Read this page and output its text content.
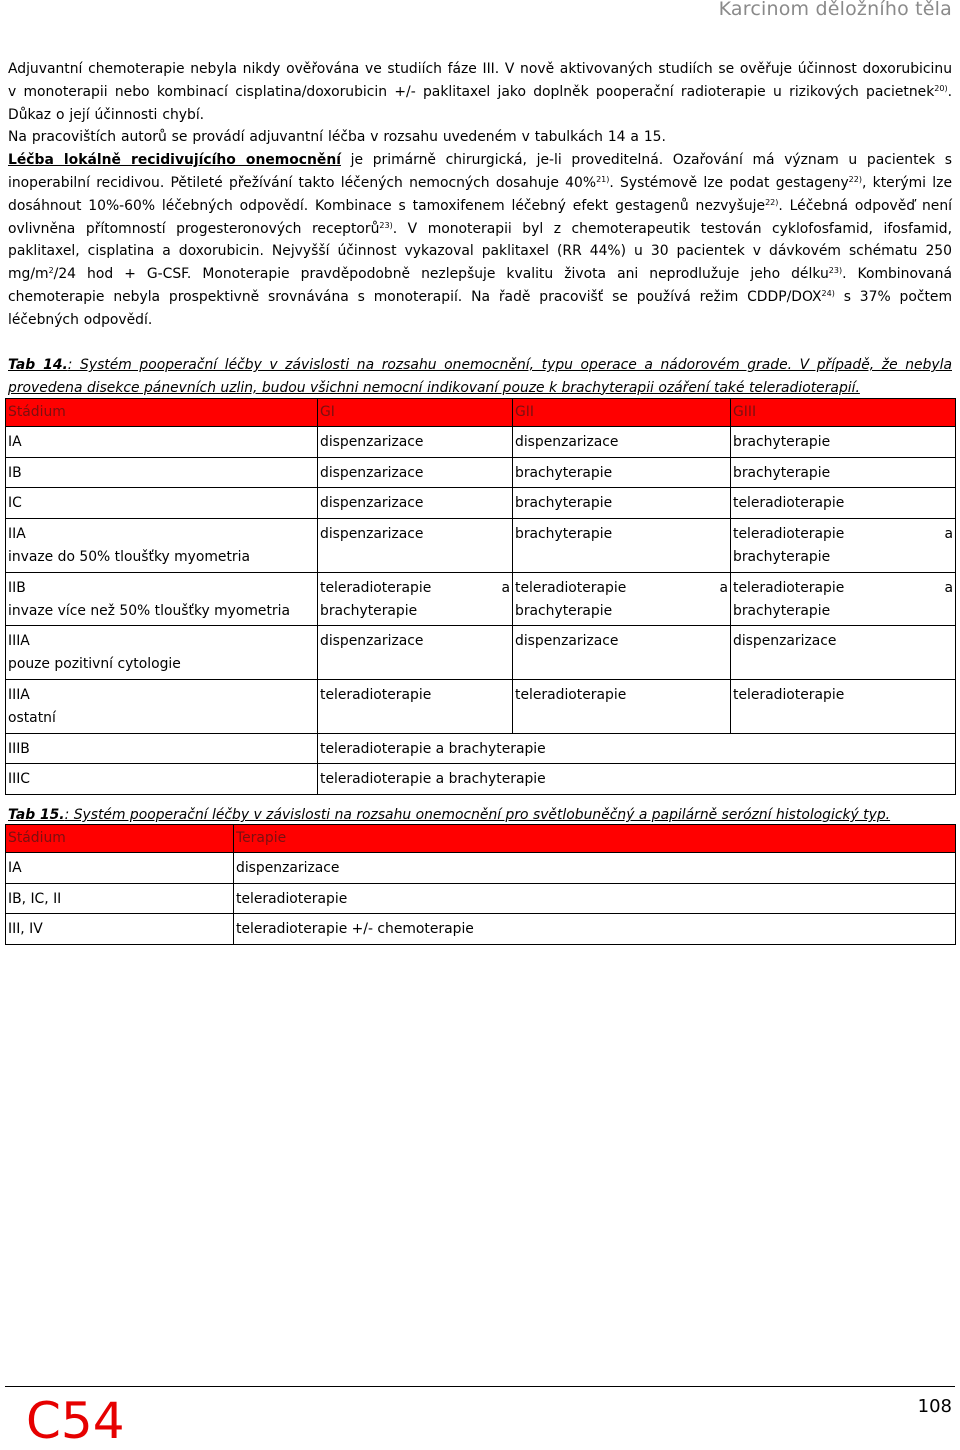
Karcinom děložního těla

Adjuvantní chemoterapie nebyla nikdy ověřována ve studiích fáze III. V nově aktivovaných studiích se ověřuje účinnost doxorubicinu v monoterapii nebo kombinací cisplatina/doxorubicin +/- paklitaxel jako doplněk pooperační radioterapie u rizikových pacietnek$^{20)}$. Důkaz o její účinnosti chybí.

Na pracovištích autorů se provádí adjuvantní léčba v rozsahu uvedeném v tabulkách 14 a 15.

Léčba lokálně recidivujícího onemocnění je primárně chirurgická, je-li proveditelná. Ozařování má význam u pacientek s inoperabilní recidivou. Pětileté přežívání takto léčených nemocných dosahuje 40%$^{21)}$. Systémově lze podat gestageny$^{22)}$, kterými lze dosáhnout 10%-60% léčebných odpovědí. Kombinace s tamoxifenem léčebný efekt gestagenů nezvyšuje$^{22)}$. Léčebná odpověď není ovlivněna přítomností progesteronových receptorů$^{23)}$. V monoterapii byl z chemoterapeutik testován cyklofosfamid, ifosfamid, paklitaxel, cisplatina a doxorubicin. Nejvyšší účinnost vykazoval paklitaxel (RR 44%) u 30 pacientek v dávkovém schématu 250 $mg/m^2/24$ hod + G-CSF. Monoterapie pravděpodobně nezlepšuje kvalitu života ani neprodlužuje jeho délku$^{23)}$. Kombinovaná chemoterapie nebyla prospektivně srovnávána s monoterapií. Na řadě pracovišť se používá režim CDDP/DOX$^{24)}$ s 37% počtem léčebných odpovědí.

Tab 14.: Systém pooperační léčby v závislosti na rozsahu onemocnění, typu operace a nádorovém grade. V případě, že nebyla provedena disekce pánevních uzlin, budou všichni nemocní indikovaní pouze k brachyterapii ozáření také teleradioterapií.

Stádium	GI	GII	GIII
IA	dispenzarizace	dispenzarizace	brachyterapie
IB	dispenzarizace	brachyterapie	brachyterapie
IC	dispenzarizace	brachyterapie	teleradioterapie
IIA
invaze do 50% tloušťky myometria	dispenzarizace	brachyterapie	teleradioterapie a brachyterapie
IIB
invaze více než 50% tloušťky myometria	teleradioterapie a brachyterapie	teleradioterapie a brachyterapie	teleradioterapie a brachyterapie
IIIA
pouze pozitivní cytologie	dispenzarizace	dispenzarizace	dispenzarizace
IIIA
ostatní	teleradioterapie	teleradioterapie	teleradioterapie
IIIB	teleradioterapie a brachyterapie		
IIIC	teleradioterapie a brachyterapie		

Tab 15.: Systém pooperační léčby v závislosti na rozsahu onemocnění pro světlobuněčný a papilárně serózní histologický typ.

Stádium	Terapie
IA	dispenzarizace
IB, IC, II	teleradioterapie
III, IV	teleradioterapie +/- chemoterapie
C54	108
